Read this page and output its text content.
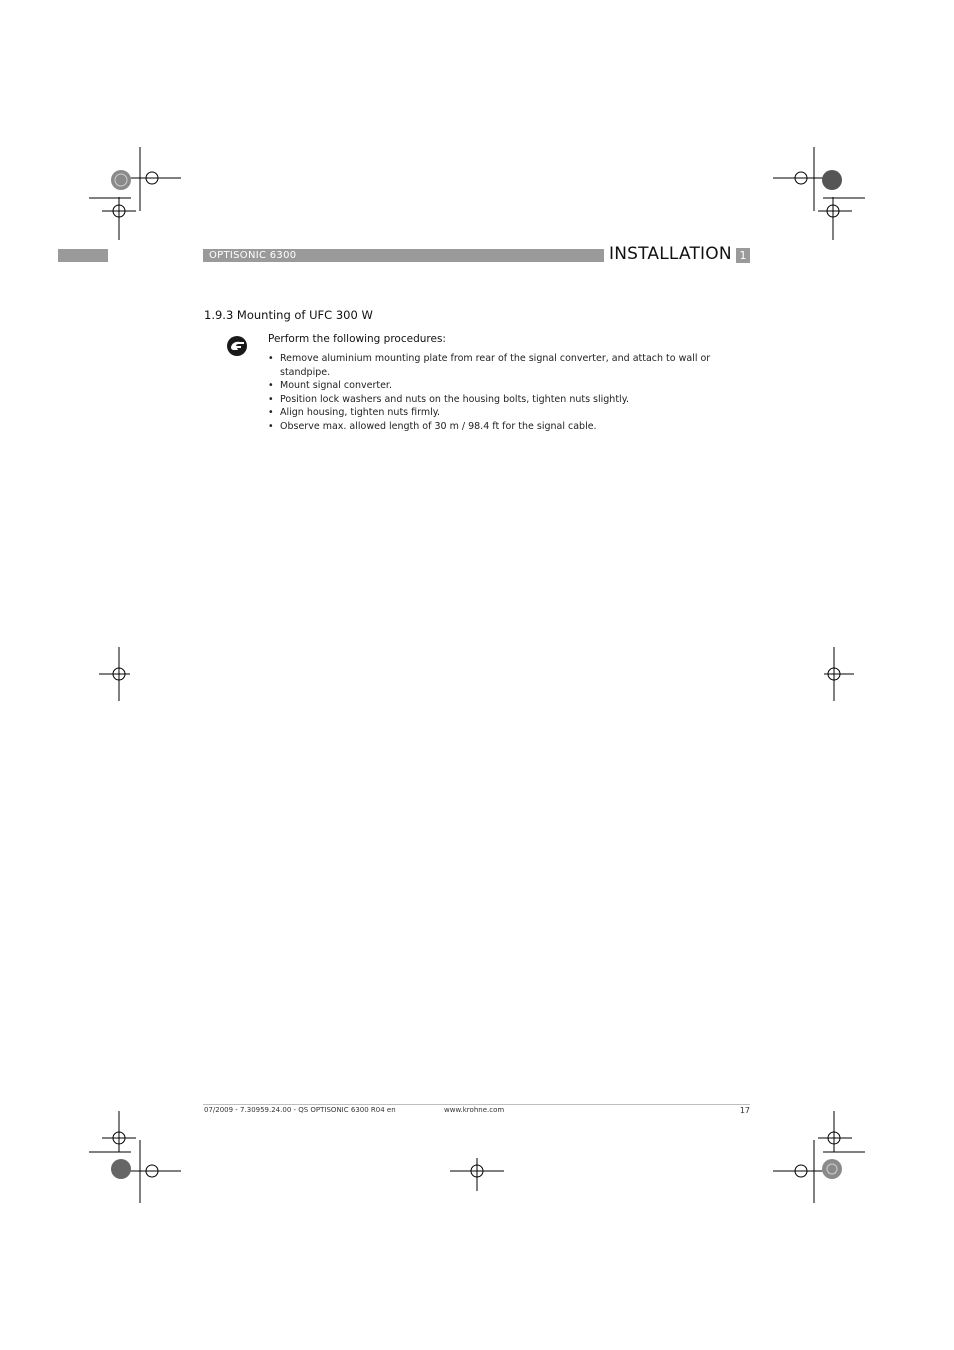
OPTISONIC 6300	INSTALLATION 1
1.9.3 Mounting of UFC 300 W
Perform the following procedures:
• Remove aluminium mounting plate from rear of the signal converter, and attach to wall or standpipe.
• Mount signal converter.
• Position lock washers and nuts on the housing bolts, tighten nuts slightly.
• Align housing, tighten nuts firmly.
• Observe max. allowed length of 30 m / 98.4 ft for the signal cable.
07/2009 - 7.30959.24.00 - QS OPTISONIC 6300 R04 en	www.krohne.com	17
